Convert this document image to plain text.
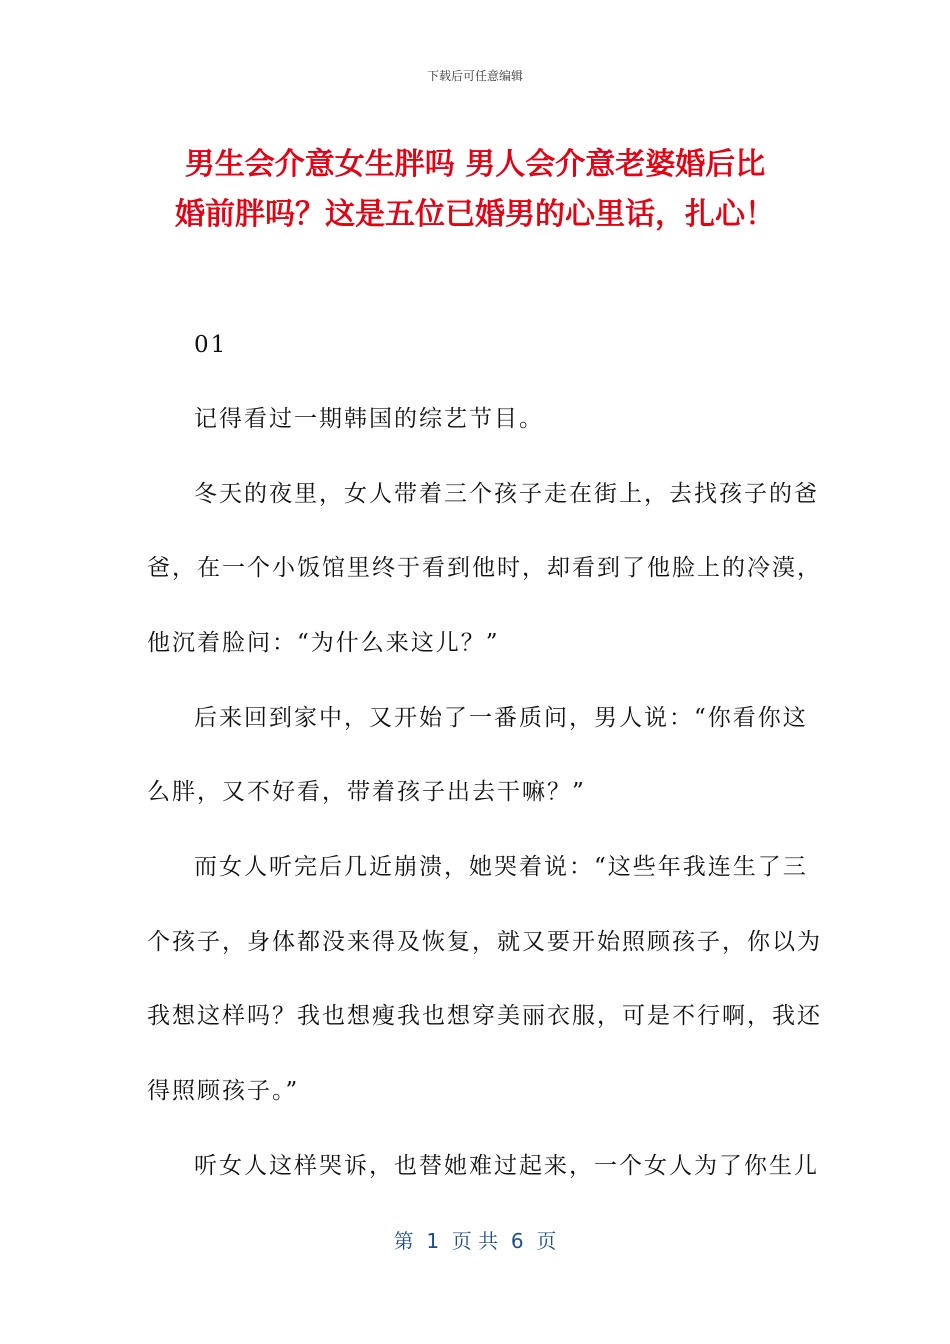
下载后可任意编辑
男生会介意女生胖吗 男人会介意老婆婚后比
婚前胖吗？这是五位已婚男的心里话，扎心！
01
记得看过一期韩国的综艺节目。
冬天的夜里，女人带着三个孩子走在街上，去找孩子的爸
爸，在一个小饭馆里终于看到他时，却看到了他脸上的冷漠，
他沉着脸问：“为什么来这儿？”
后来回到家中，又开始了一番质问，男人说：“你看你这
么胖，又不好看，带着孩子出去干嘛？”
而女人听完后几近崩溃，她哭着说：“这些年我连生了三
个孩子，身体都没来得及恢复，就又要开始照顾孩子，你以为
我想这样吗？我也想瘦我也想穿美丽衣服，可是不行啊，我还
得照顾孩子。”
听女人这样哭诉，也替她难过起来，一个女人为了你生儿
第  1  页 共  6  页
